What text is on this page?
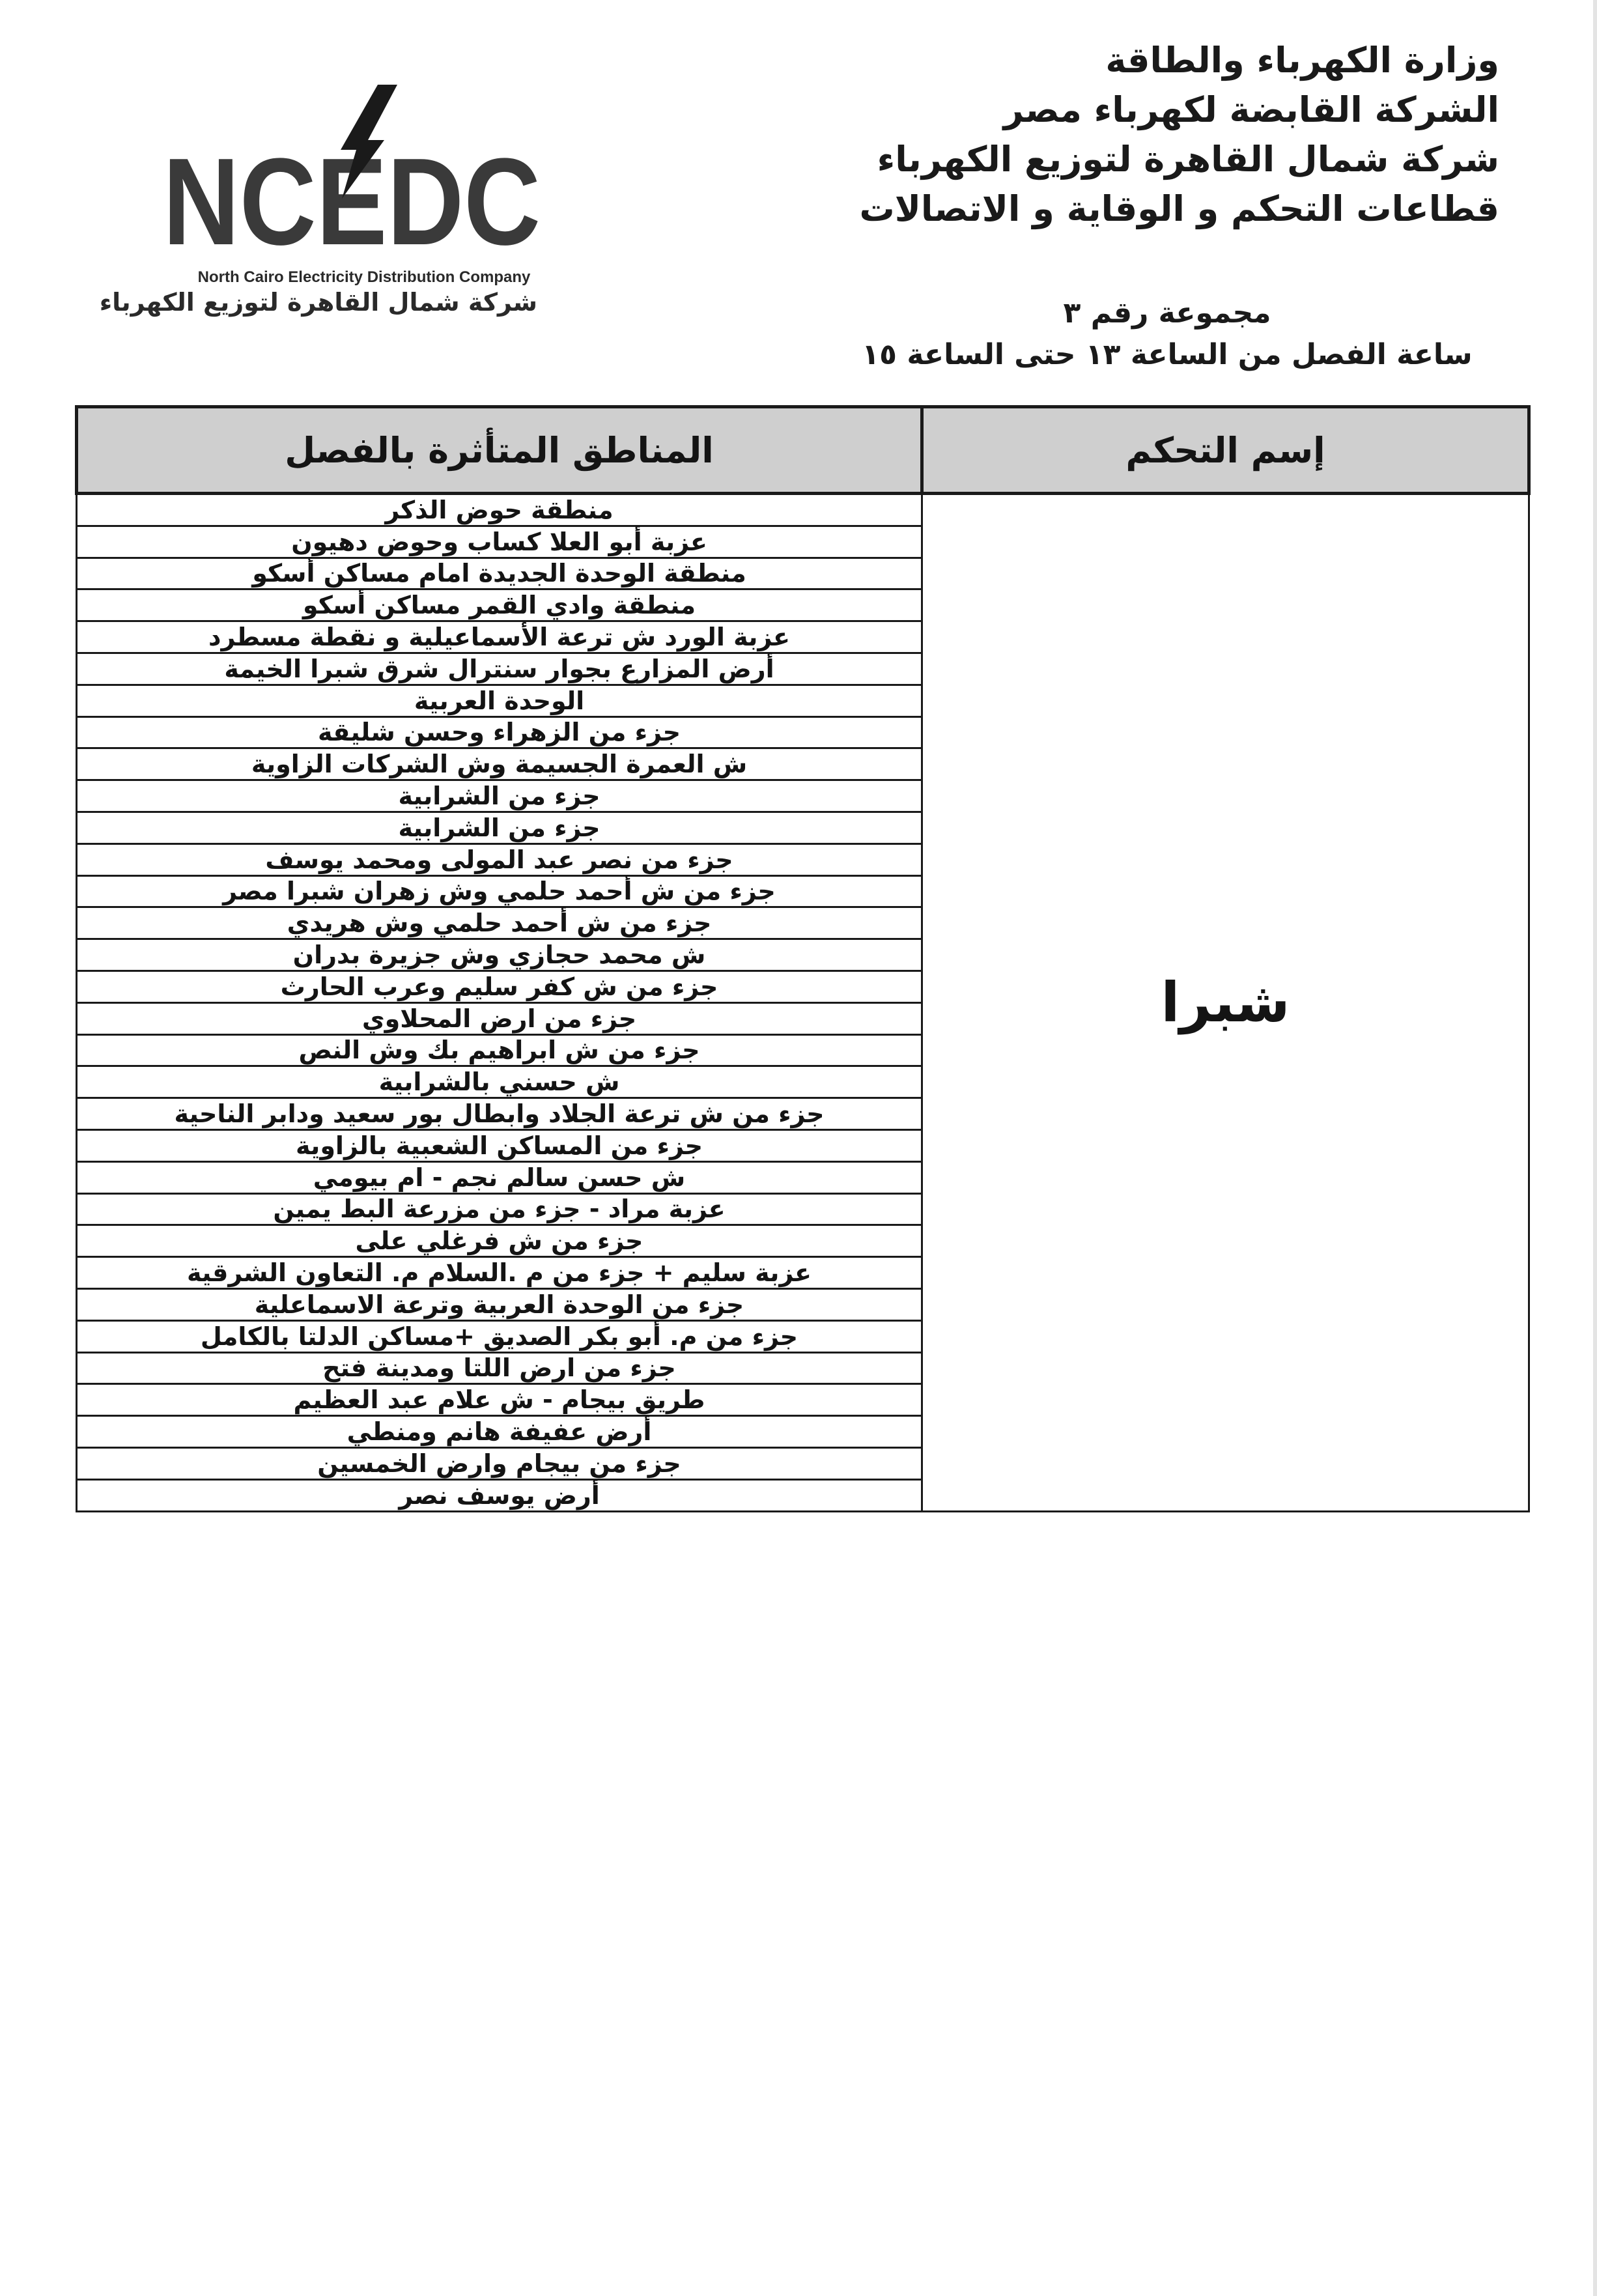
وزارة الكهرباء والطاقة
الشركة القابضة لكهرباء مصر
شركة شمال القاهرة لتوزيع الكهرباء
قطاعات التحكم و الوقاية و الاتصالات
NCEDC
North Cairo Electricity Distribution Company
شركة شمال القاهرة لتوزيع الكهرباء	مجموعة رقم ٣
ساعة الفصل من الساعة ١٣ حتى الساعة ١٥
المناطق المتأثرة بالفصل	إسم التحكم
منطقة حوض الذكر	شبرا
عزبة أبو العلا كساب وحوض دهيون	
منطقة الوحدة الجديدة امام مساكن أسكو	
منطقة وادي القمر مساكن أسكو	
عزبة الورد ش ترعة الأسماعيلية و نقطة مسطرد	
أرض المزارع بجوار سنترال شرق شبرا الخيمة	
الوحدة العربية	
جزء من الزهراء وحسن شليقة	
ش العمرة الجسيمة وش الشركات الزاوية	
جزء من الشرابية	
جزء من الشرابية	
جزء من نصر عبد المولى ومحمد يوسف	
جزء من ش أحمد حلمي وش زهران شبرا مصر	
جزء من ش أحمد حلمي وش هريدي	
ش محمد حجازي وش جزيرة بدران	
جزء من ش كفر سليم وعرب الحارث	
جزء من ارض المحلاوي	
جزء من ش ابراهيم بك وش النص	
ش حسني بالشرابية	
جزء من ش ترعة الجلاد وابطال بور سعيد ودابر الناحية	
جزء من المساكن الشعبية بالزاوية	
ش حسن سالم نجم - ام بيومي	
عزبة مراد - جزء من مزرعة البط يمين	
جزء من ش فرغلي على	
عزبة سليم + جزء من م .السلام م. التعاون الشرقية	
جزء من الوحدة العربية وترعة الاسماعلية	
جزء من م. أبو بكر الصديق +مساكن الدلتا بالكامل	
جزء من ارض اللتا ومدينة فتح	
طريق بيجام - ش علام عبد العظيم	
أرض عفيفة هانم ومنطي	
جزء من بيجام وارض الخمسين	
أرض يوسف نصر	
